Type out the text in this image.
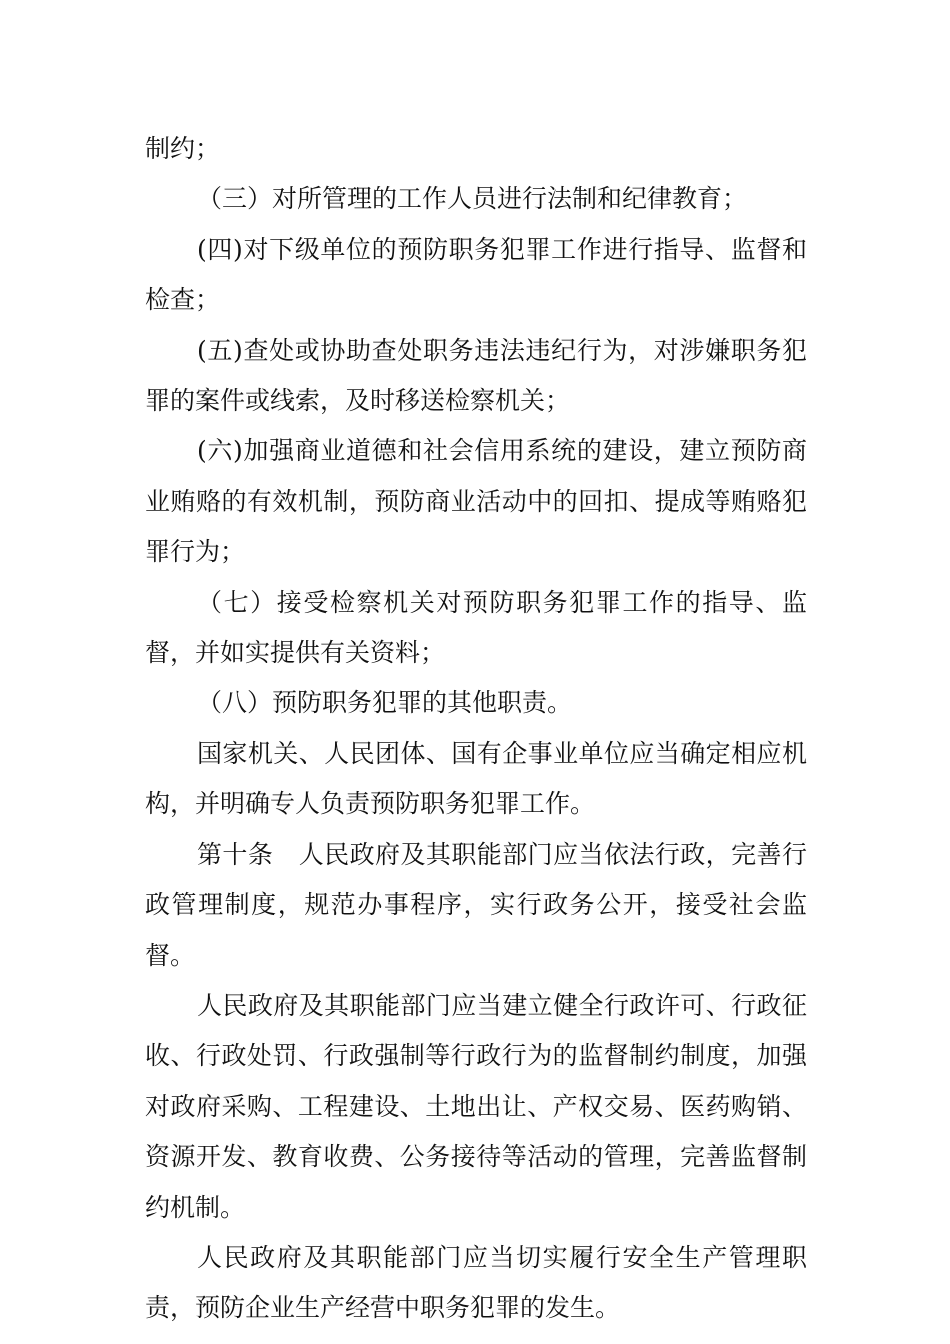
制约；

（三）对所管理的工作人员进行法制和纪律教育；

(四)对下级单位的预防职务犯罪工作进行指导、监督和检查；

(五)查处或协助查处职务违法违纪行为，对涉嫌职务犯罪的案件或线索，及时移送检察机关；

(六)加强商业道德和社会信用系统的建设，建立预防商业贿赂的有效机制，预防商业活动中的回扣、提成等贿赂犯罪行为；

（七）接受检察机关对预防职务犯罪工作的指导、监督，并如实提供有关资料；

（八）预防职务犯罪的其他职责。

国家机关、人民团体、国有企事业单位应当确定相应机构，并明确专人负责预防职务犯罪工作。

第十条　人民政府及其职能部门应当依法行政，完善行政管理制度，规范办事程序，实行政务公开，接受社会监督。

人民政府及其职能部门应当建立健全行政许可、行政征收、行政处罚、行政强制等行政行为的监督制约制度，加强对政府采购、工程建设、土地出让、产权交易、医药购销、资源开发、教育收费、公务接待等活动的管理，完善监督制约机制。

人民政府及其职能部门应当切实履行安全生产管理职责，预防企业生产经营中职务犯罪的发生。
